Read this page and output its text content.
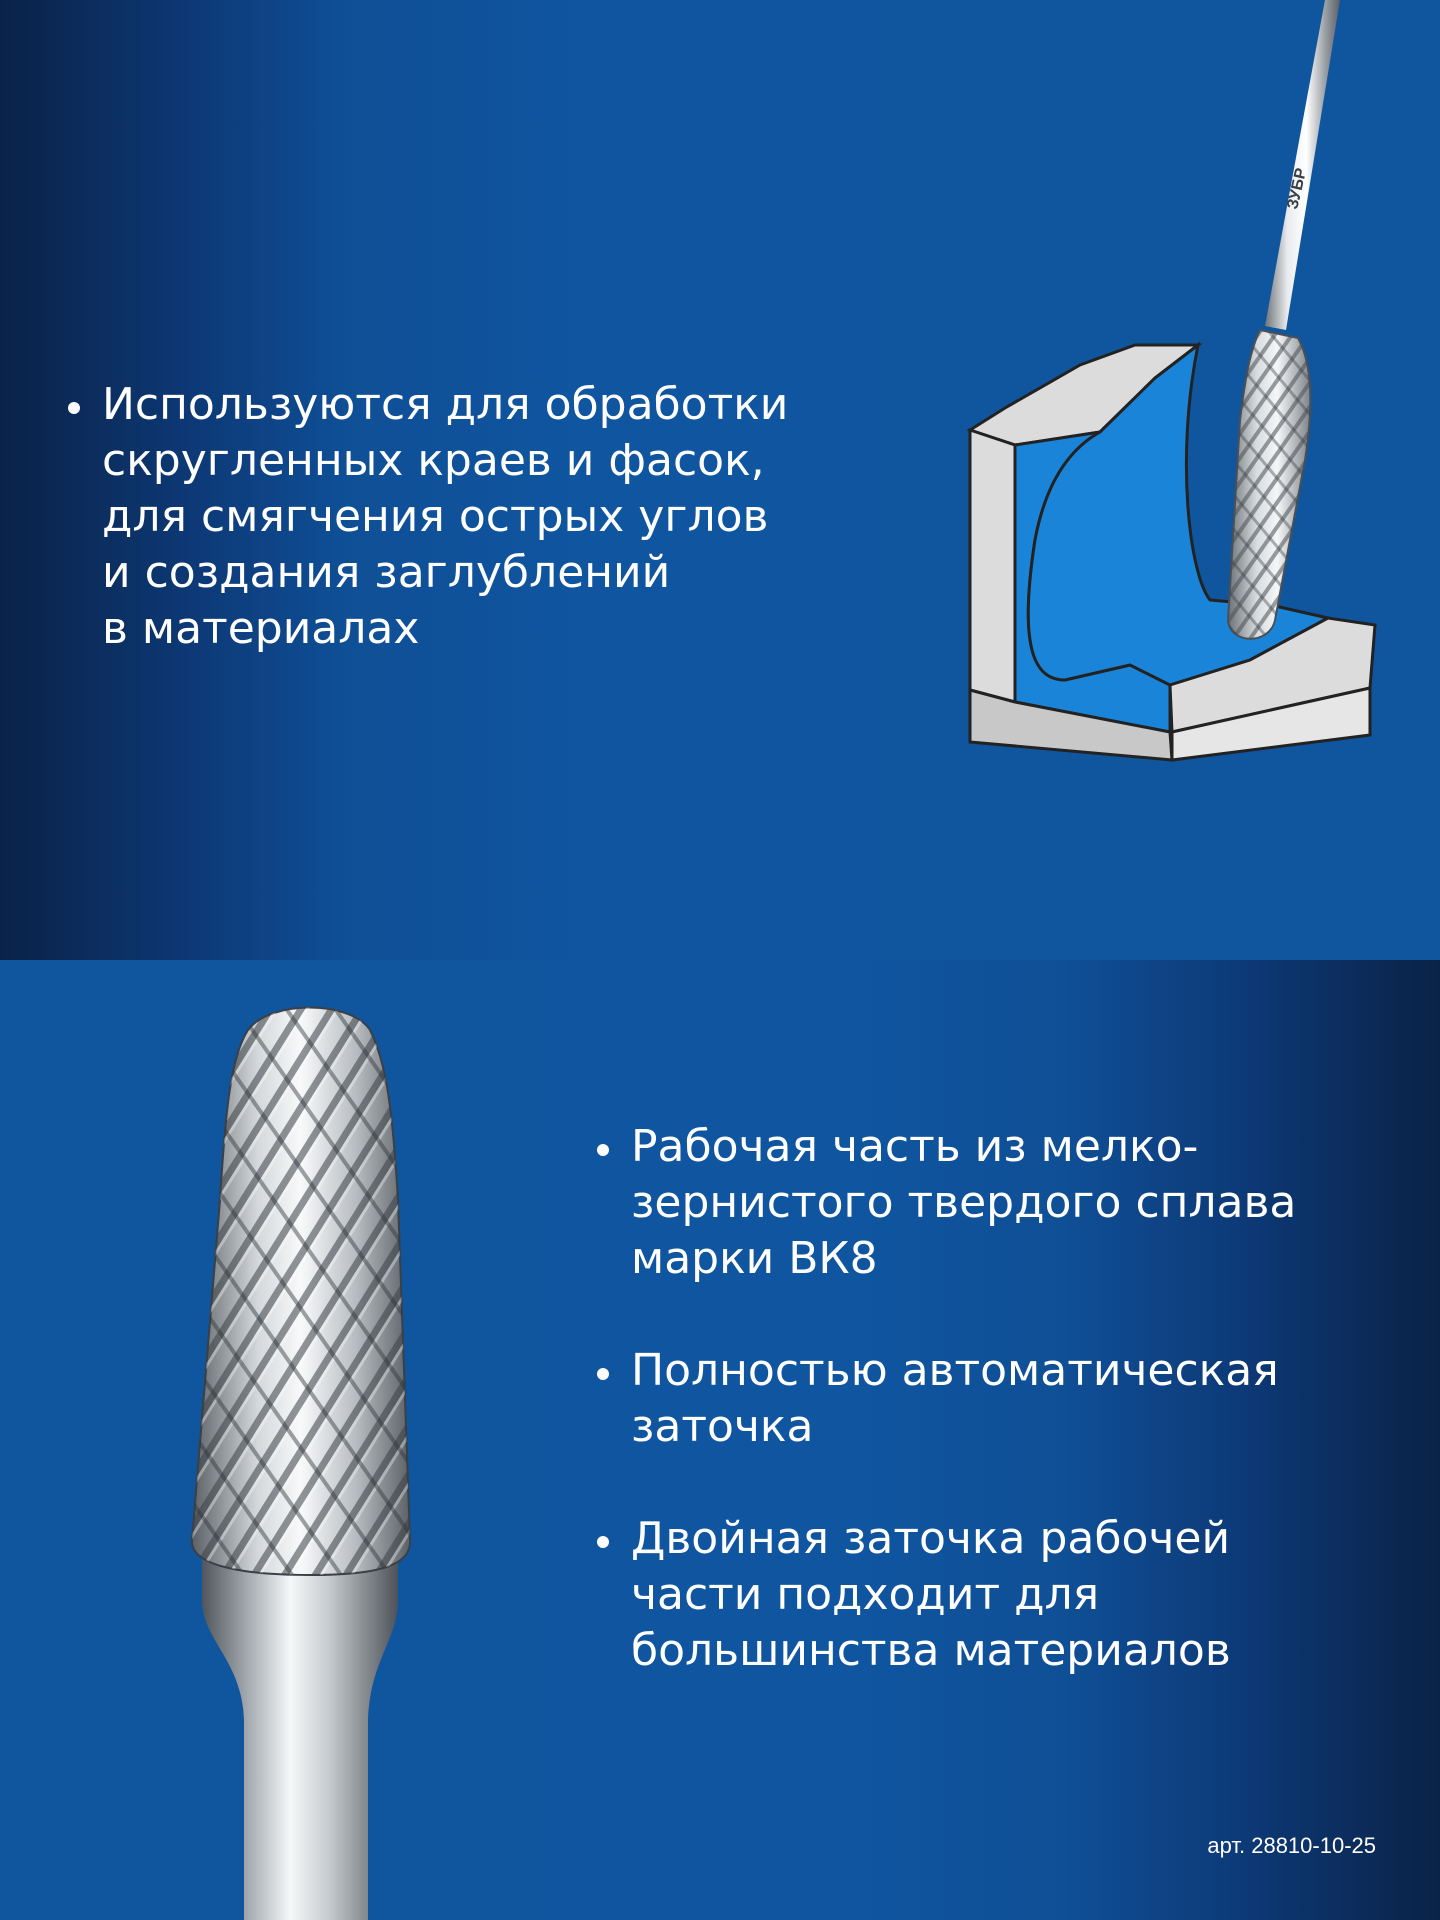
Используются для обработки
скругленных краев и фасок,
для смягчения острых углов
и создания заглублений
в материалах
ЗУБР
Рабочая часть из мелко-
зернистого твердого сплава
марки ВК8
Полностью автоматическая
заточка
Двойная заточка рабочей
части подходит для
большинства материалов
арт. 28810-10-25
